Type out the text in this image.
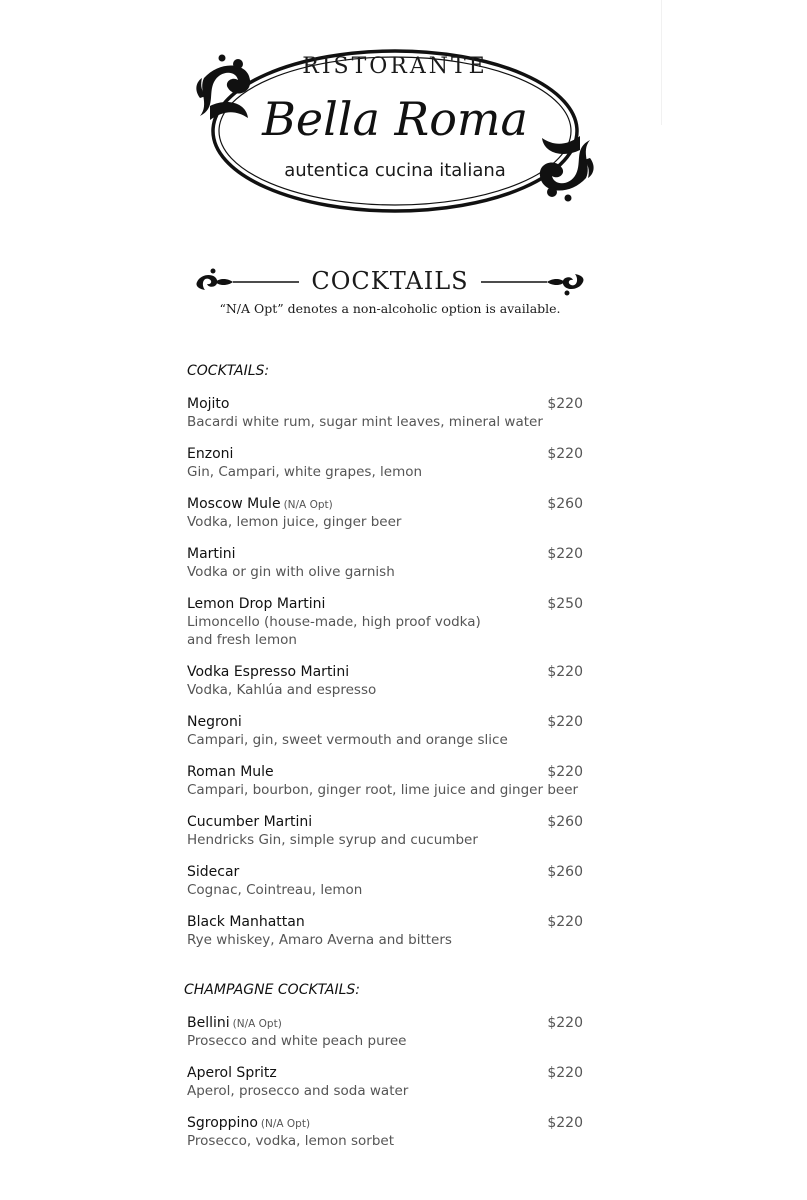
RISTORANTE
Bella Roma
autentica cucina italiana
COCKTAILS
“N/A Opt” denotes a non-alcoholic option is available.
COCKTAILS:
Mojito
Bacardi white rum, sugar mint leaves, mineral water
$220
Enzoni
Gin, Campari, white grapes, lemon
$220
Moscow Mule (N/A Opt)
Vodka, lemon juice, ginger beer
$260
Martini
Vodka or gin with olive garnish
$220
Lemon Drop Martini
Limoncello (house-made, high proof vodka)
and fresh lemon
$250
Vodka Espresso Martini
Vodka, Kahlúa and espresso
$220
Negroni
Campari, gin, sweet vermouth and orange slice
$220
Roman Mule
Campari, bourbon, ginger root, lime juice and ginger beer
$220
Cucumber Martini
Hendricks Gin, simple syrup and cucumber
$260
Sidecar
Cognac, Cointreau, lemon
$260
Black Manhattan
Rye whiskey, Amaro Averna and bitters
$220
CHAMPAGNE COCKTAILS:
Bellini (N/A Opt)
Prosecco and white peach puree
$220
Aperol Spritz
Aperol, prosecco and soda water
$220
Sgroppino (N/A Opt)
Prosecco, vodka, lemon sorbet
$220
